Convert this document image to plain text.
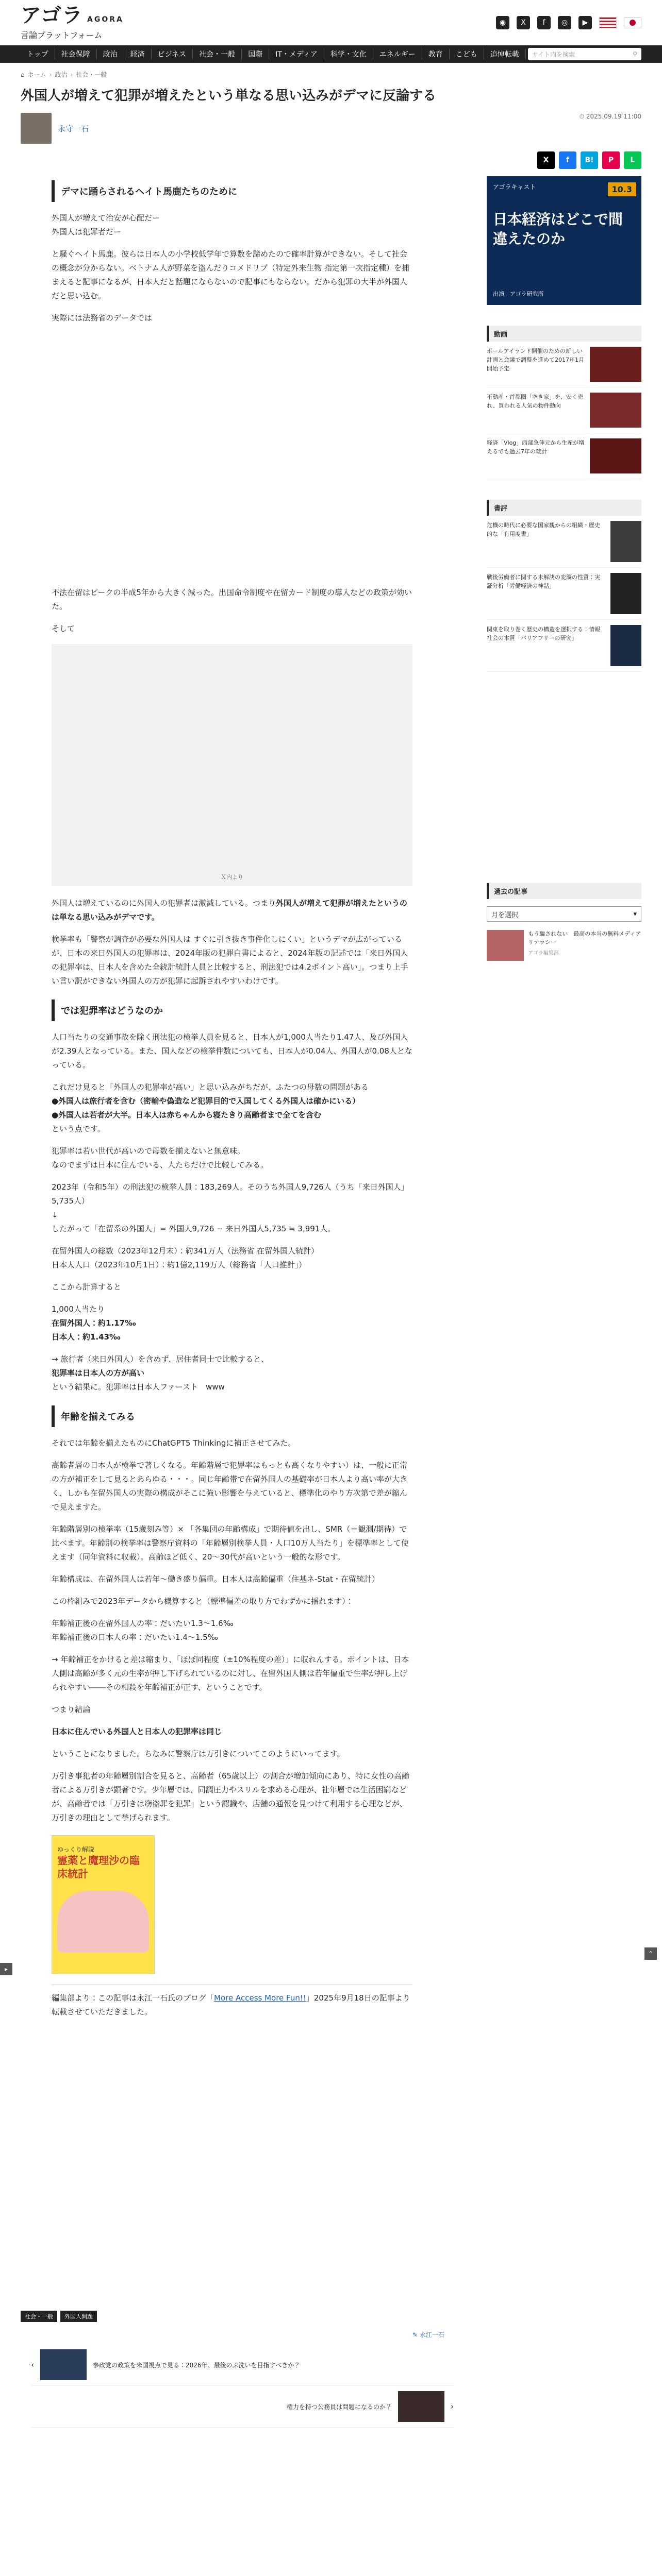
アゴラ AGORA
言論プラットフォーム
◉	X	f	◎	▶
トップ	社会保障	政治	経済	ビジネス	社会・一般	国際	IT・メディア	科学・文化	エネルギー	教育	こども	追悼転載	サイト内を検索	⚲
⌂ ホーム › 政治 › 社会・一般
外国人が増えて犯罪が増えたという単なる思い込みがデマに反論する
永守一石
⏱ 2025.09.19 11:00
X	f	B!	P	L
デマに踊らされるヘイト馬鹿たちのために

外国人が増えて治安が心配だー
外国人は犯罪者だー

と騒ぐヘイト馬鹿。彼らは日本人の小学校低学年で算数を諦めたので確率計算ができない。そして社会の概念が分からない。ベトナム人が野菜を盗んだりコメドリブ（特定外来生物 指定第一次指定種）を捕まえると記事になるが、日本人だと話題にならないので記事にもならない。だから犯罪の大半が外国人だと思い込む。

実際には法務省のデータでは

不法在留はピークの半成5年から大きく減った。出国命令制度や在留カード制度の導入などの政策が効いた。

そして

Ｘ内より

外国人は増えているのに外国人の犯罪者は激減している。つまり外国人が増えて犯罪が増えたというのは単なる思い込みがデマです。

検挙率も「警察が調査が必要な外国人は すぐに引き抜き事件化しにくい」というデマが広がっているが、日本の来日外国人の犯罪率は、2024年版の犯罪白書によると、2024年版の記述では「来日外国人の犯罪率は、日本人を含めた全統計統計人員と比較すると、刑法犯では4.2ポイント高い」。つまり上手い言い訳ができない外国人の方が犯罪に起訴されやすいわけです。

では犯罪率はどうなのか

人口当たりの交通事故を除く刑法犯の検挙人員を見ると、日本人が1,000人当たり1.47人、及び外国人が2.39人となっている。また、国人などの検挙件数についても、日本人が0.04人、外国人が0.08人となっている。

これだけ見ると「外国人の犯罪率が高い」と思い込みがちだが、ふたつの母数の問題がある
●外国人は旅行者を含む（密輸や偽造など犯罪目的で入国してくる外国人は確かにいる）
●外国人は若者が大半。日本人は赤ちゃんから寝たきり高齢者まで全てを含む
という点です。

犯罪率は若い世代が高いので母数を揃えないと無意味。
なのでまずは日本に住んでいる、人たちだけで比較してみる。

2023年（令和5年）の刑法犯の検挙人員：183,269人。そのうち外国人9,726人（うち「来日外国人」5,735人）
↓
したがって「在留系の外国人」= 外国人9,726 − 来日外国人5,735 ≒ 3,991人。

在留外国人の総数（2023年12月末）：約341万人（法務省 在留外国人統計）
日本人人口（2023年10月1日）：約1億2,119万人（総務省「人口推計」）

ここから計算すると

1,000人当たり
在留外国人：約1.17‰
日本人：約1.43‰

→ 旅行者（来日外国人）を含めず、居住者同士で比較すると、
犯罪率は日本人の方が高い
という結果に。犯罪率は日本人ファースト　www

年齢を揃えてみる

それでは年齢を揃えたものにChatGPT5 Thinkingに補正させてみた。

高齢者層の日本人が検挙で著しくなる。年齢階層で犯罪率はもっとも高くなりやすい）は、一般に正常の方が補正をして見るとあらゆる・・・。同じ年齢帯で在留外国人の基礎率が日本人より高い率が大きく、しかも在留外国人の実際の構成がそこに強い影響を与えていると、標準化のやり方次第で差が縮んで見えますた。

年齢階層別の検挙率（15歳刻み等）× 「各集団の年齢構成」で期待値を出し、SMR（＝観測/期待）で比べます。年齢別の検挙率は警察庁資料の「年齢層別検挙人員・人口10万人当たり」を標準率として使えます（同年資料に収載）。高齢ほど低く、20〜30代が高いという一般的な形です。

年齢構成は、在留外国人は若年〜働き盛り偏重。日本人は高齢偏重（住基ネ-Stat・在留統計）

この枠組みで2023年データから概算すると（標準偏差の取り方でわずかに揺れます）：

年齢補正後の在留外国人の率：だいたい1.3〜1.6‰
年齢補正後の日本人の率：だいたい1.4〜1.5‰

→ 年齢補正をかけると差は縮まり、「ほぼ同程度（±10%程度の差）」に収れんする。ポイントは、日本人側は高齢が多く元の生率が押し下げられているのに対し、在留外国人側は若年偏重で生率が押し上げられやすい――その相殺を年齢補正が正す、ということです。

つまり結論

日本に住んでいる外国人と日本人の犯罪率は同じ

ということになりました。ちなみに警察庁は万引きについてこのようにいってます。

万引き事犯者の年齢層別割合を見ると、高齢者（65歳以上）の割合が増加傾向にあり、特に女性の高齢者による万引きが顕著です。少年層では、同調圧力やスリルを求める心理が、社年層では生活困窮などが、高齢者では「万引きは窃盗罪を犯罪」という認識や、店舗の通報を見つけて利用する心理などが、万引きの理由として挙げられます。

ゆっくり解説
霊薬と魔理沙の臨床統計

編集部より：この記事は永江一石氏のブログ「More Access More Fun!!」2025年9月18日の記事より転載させていただきました。

アゴラキャスト	10.3
日本経済はどこで間違えたのか
出演　アゴラ研究所
動画
ポールアイランド開催のための新しい計画と会議で調整を進めて2017年1月開始予定
不動産・首都圏「空き家」を、安く売れ、買われる人気の物件動向
経済「Vlog」西部急伸元から生産が増えるでも過去7年の統計
書評
危機の時代に必要な国家観からの組織・歴史的な「有用度書」
戦後労働者に関する未解決の変調の性質：実証分析「労働経済の神話」
関東を取り巻く歴史の構造を選択する：情報社会の本質「バリアフリーの研究」
過去の記事
月を選択	▾
もう騙されない　最高の本当の無料メディアリテラシー
アゴラ編集部
社会・一般	外国人問題
✎ 永江一石
‹	参政党の政策を米国視点で見る：2026年、最後のぶ洗いを目指すべきか？
権力を持つ公務員は問題になるのか？	›
▸
⌃
